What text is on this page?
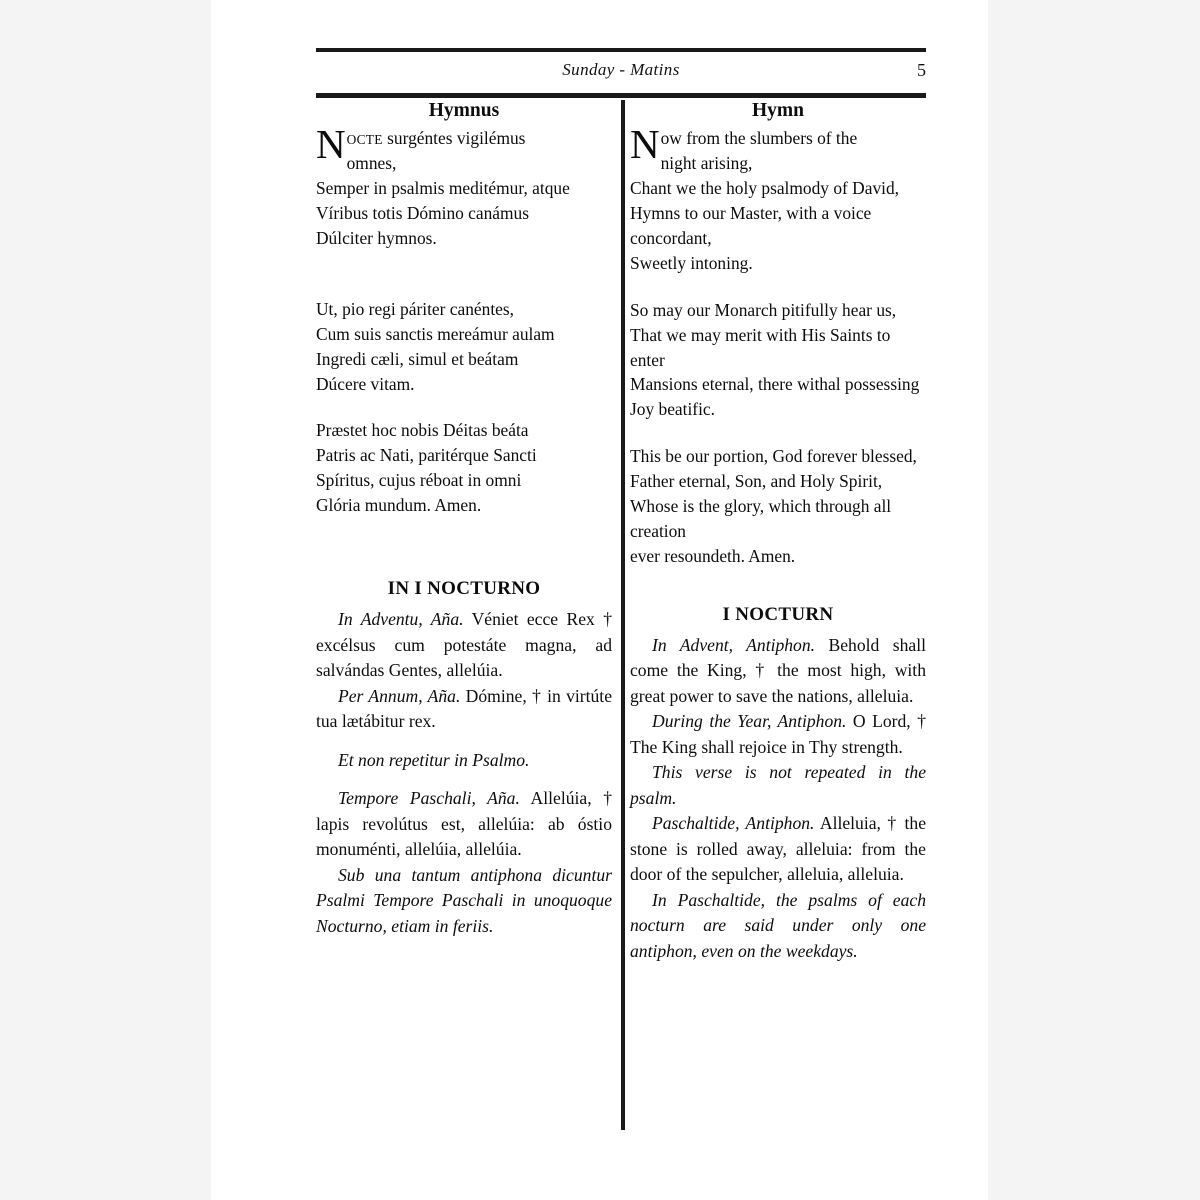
Sunday - Matins	5
Hymnus
NOCTE surgéntes vigilémus
omnes,
Semper in psalmis meditémur, atque
Víribus totis Dómino canámus
Dúlciter hymnos.
Ut, pio regi páriter canéntes,
Cum suis sanctis mereámur aulam
Ingredi cæli, simul et beátam
Dúcere vitam.
Præstet hoc nobis Déitas beáta
Patris ac Nati, paritérque Sancti
Spíritus, cujus réboat in omni
Glória mundum. Amen.
IN I NOCTURNO

In Adventu, Aña. Véniet ecce Rex † excélsus cum potestáte magna, ad salvándas Gentes, allelúia.

Per Annum, Aña. Dómine, † in virtúte tua lætábitur rex.

Et non repetitur in Psalmo.

Tempore Paschali, Aña. Allelúia, † lapis revolútus est, allelúia: ab óstio monuménti, allelúia, allelúia.

Sub una tantum antiphona dicuntur Psalmi Tempore Paschali in unoquoque Nocturno, etiam in feriis.

Hymn
Now from the slumbers of the
night arising,
Chant we the holy psalmody of David,
Hymns to our Master, with a voice
concordant,
Sweetly intoning.
So may our Monarch pitifully hear us,
That we may merit with His Saints to
enter
Mansions eternal, there withal possessing
Joy beatific.
This be our portion, God forever blessed,
Father eternal, Son, and Holy Spirit,
Whose is the glory, which through all
creation
ever resoundeth. Amen.
I NOCTURN

In Advent, Antiphon. Behold shall come the King, † the most high, with great power to save the nations, alleluia.

During the Year, Antiphon. O Lord, † The King shall rejoice in Thy strength.

This verse is not repeated in the psalm.

Paschaltide, Antiphon. Alleluia, † the stone is rolled away, alleluia: from the door of the sepulcher, alleluia, alleluia.

In Paschaltide, the psalms of each nocturn are said under only one antiphon, even on the weekdays.
